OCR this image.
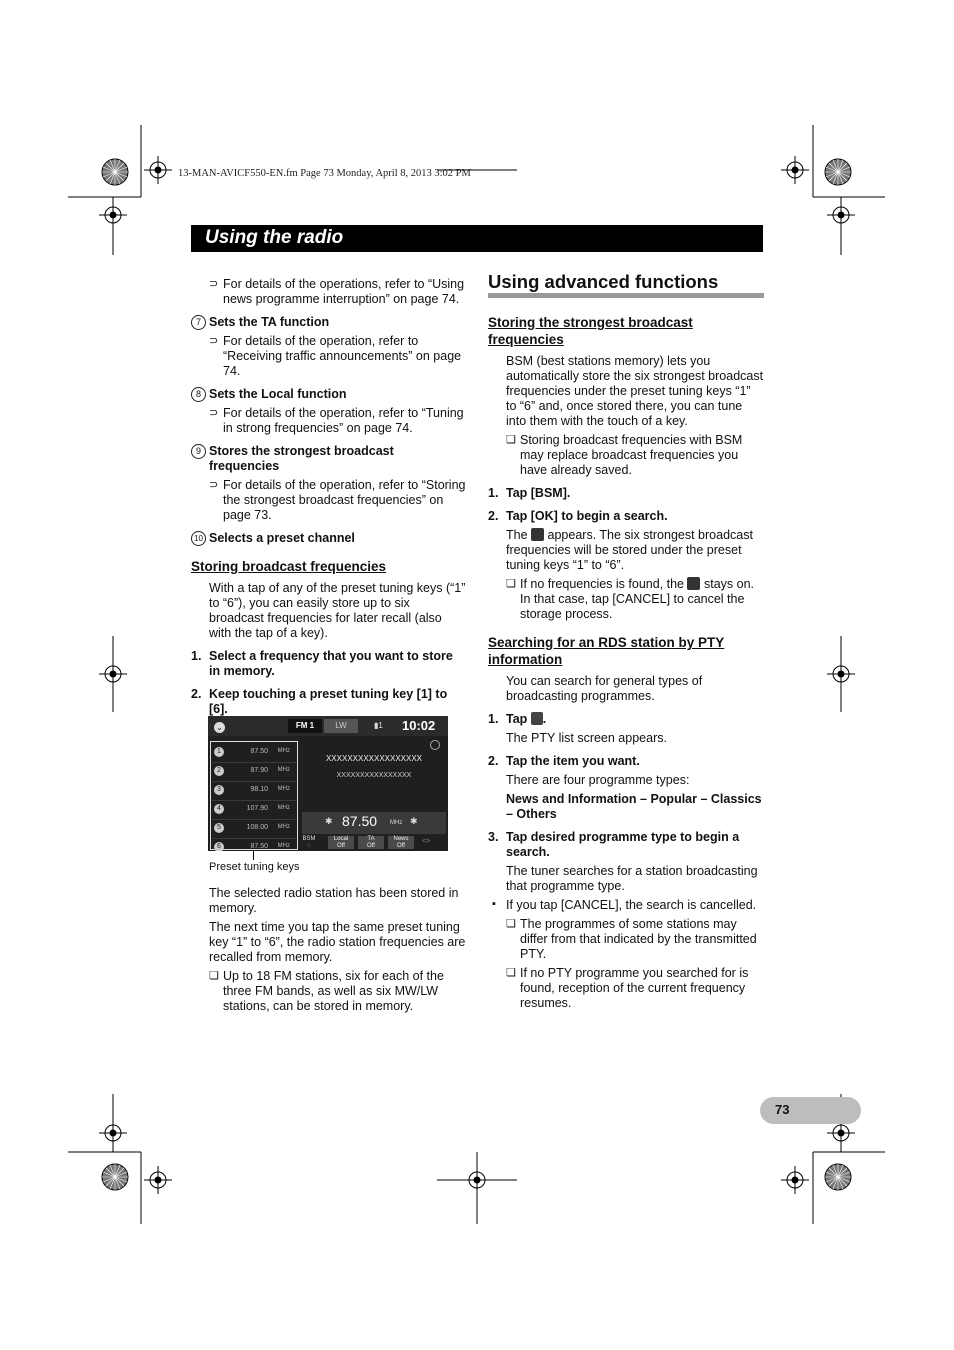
13-MAN-AVICF550-EN.fm Page 73 Monday, April 8, 2013 3:02 PM
Using the radio
⊃ For details of the operations, refer to “Using news programme interruption” on page 74.
7 Sets the TA function
⊃ For details of the operation, refer to “Receiving traffic announcements” on page 74.
8 Sets the Local function
⊃ For details of the operation, refer to “Tuning in strong frequencies” on page 74.
9 Stores the strongest broadcast frequencies
⊃ For details of the operation, refer to “Storing the strongest broadcast frequencies” on page 73.
10 Selects a preset channel
Storing broadcast frequencies
With a tap of any of the preset tuning keys (“1” to “6”), you can easily store up to six broadcast frequencies for later recall (also with the tap of a key).
1. Select a frequency that you want to store in memory.
2. Keep touching a preset tuning key [1] to [6].
⌄	FM 1	LW	▮1 10:02
1	87.50 MHz
2	87.90 MHz
3	98.10 MHz
4	107.90 MHz
5	108.00 MHz
6	87.50 MHz
XXXXXXXXXXXXXXXXXX
XXXXXXXXXXXXXXXX
✱ 87.50 MHz ✱
BSM
◌
Local
Off
TA
Off
News
Off
<>
Preset tuning keys
The selected radio station has been stored in memory.
The next time you tap the same preset tuning key “1” to “6”, the radio station frequencies are recalled from memory.
❏ Up to 18 FM stations, six for each of the three FM bands, as well as six MW/LW stations, can be stored in memory.
Using advanced functions
Storing the strongest broadcast frequencies
BSM (best stations memory) lets you automatically store the six strongest broadcast frequencies under the preset tuning keys “1” to “6” and, once stored there, you can tune into them with the touch of a key.
❏ Storing broadcast frequencies with BSM may replace broadcast frequencies you have already saved.
1. Tap [BSM].
2. Tap [OK] to begin a search.
The appears. The six strongest broadcast frequencies will be stored under the preset tuning keys “1” to “6”.
❏ If no frequencies is found, the stays on. In that case, tap [CANCEL] to cancel the storage process.
Searching for an RDS station by PTY information
You can search for general types of broadcasting programmes.
1. Tap .
The PTY list screen appears.
2. Tap the item you want.
There are four programme types:
News and Information – Popular – Classics – Others
3. Tap desired programme type to begin a search.
The tuner searches for a station broadcasting that programme type.
▪ If you tap [CANCEL], the search is cancelled.
❏ The programmes of some stations may differ from that indicated by the transmitted PTY.
❏ If no PTY programme you searched for is found, reception of the current frequency resumes.
73
